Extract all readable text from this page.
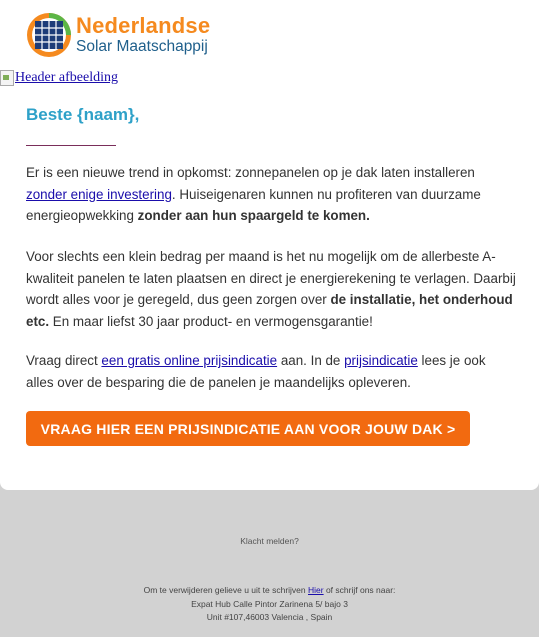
Nederlandse
Solar Maatschappij
Header afbeelding
Beste {naam},
Er is een nieuwe trend in opkomst: zonnepanelen op je dak laten installeren zonder enige investering. Huiseigenaren kunnen nu profiteren van duurzame energieopwekking zonder aan hun spaargeld te komen.
Voor slechts een klein bedrag per maand is het nu mogelijk om de allerbeste A-kwaliteit panelen te laten plaatsen en direct je energierekening te verlagen. Daarbij wordt alles voor je geregeld, dus geen zorgen over de installatie, het onderhoud etc. En maar liefst 30 jaar product- en vermogensgarantie!
Vraag direct een gratis online prijsindicatie aan. In de prijsindicatie lees je ook alles over de besparing die de panelen je maandelijks opleveren.
VRAAG HIER EEN PRIJSINDICATIE AAN VOOR JOUW DAK >
Klacht melden?
Om te verwijderen gelieve u uit te schrijven Hier of schrijf ons naar:
Expat Hub Calle Pintor Zarinena 5/ bajo 3
Unit #107,46003 Valencia , Spain
